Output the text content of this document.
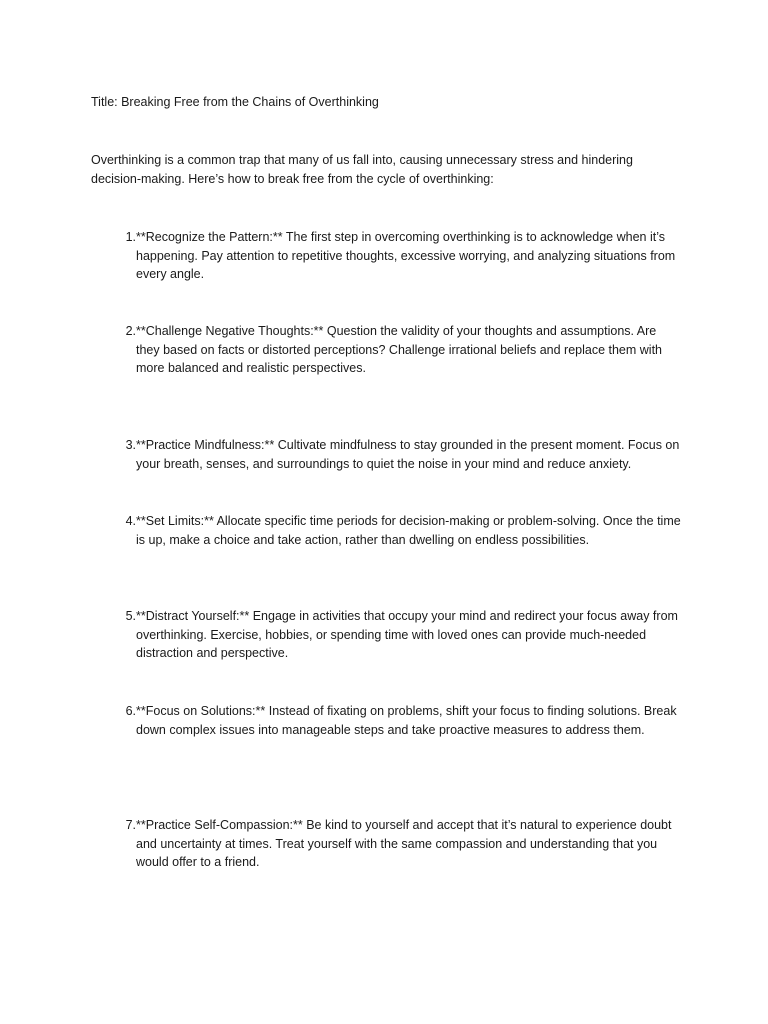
Title: Breaking Free from the Chains of Overthinking

Overthinking is a common trap that many of us fall into, causing unnecessary stress and hindering decision-making. Here’s how to break free from the cycle of overthinking:

1. **Recognize the Pattern:** The first step in overcoming overthinking is to acknowledge when it’s happening. Pay attention to repetitive thoughts, excessive worrying, and analyzing situations from every angle.
2. **Challenge Negative Thoughts:** Question the validity of your thoughts and assumptions. Are they based on facts or distorted perceptions? Challenge irrational beliefs and replace them with more balanced and realistic perspectives.
3. **Practice Mindfulness:** Cultivate mindfulness to stay grounded in the present moment. Focus on your breath, senses, and surroundings to quiet the noise in your mind and reduce anxiety.
4. **Set Limits:** Allocate specific time periods for decision-making or problem-solving. Once the time is up, make a choice and take action, rather than dwelling on endless possibilities.
5. **Distract Yourself:** Engage in activities that occupy your mind and redirect your focus away from overthinking. Exercise, hobbies, or spending time with loved ones can provide much-needed distraction and perspective.
6. **Focus on Solutions:** Instead of fixating on problems, shift your focus to finding solutions. Break down complex issues into manageable steps and take proactive measures to address them.
7. **Practice Self-Compassion:** Be kind to yourself and accept that it’s natural to experience doubt and uncertainty at times. Treat yourself with the same compassion and understanding that you would offer to a friend.
